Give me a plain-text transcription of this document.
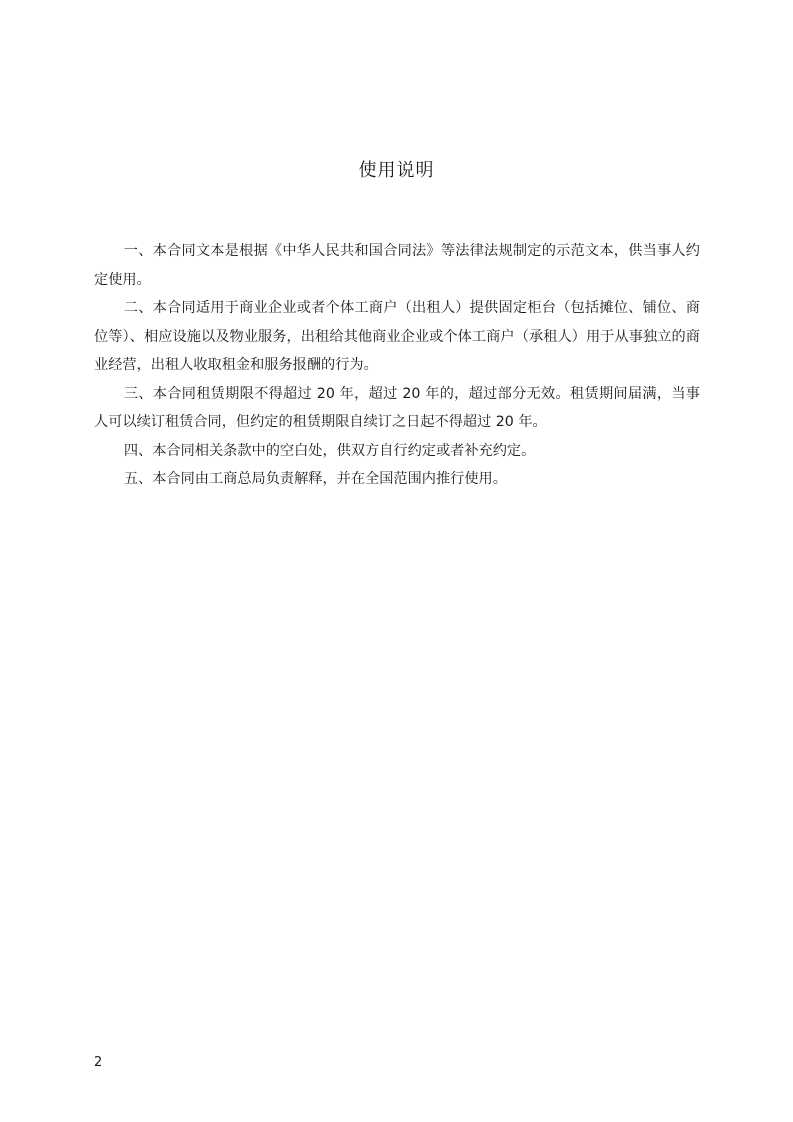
使用说明

一、本合同文本是根据《中华人民共和国合同法》等法律法规制定的示范文本，供当事人约定使用。

二、本合同适用于商业企业或者个体工商户（出租人）提供固定柜台（包括摊位、铺位、商位等）、相应设施以及物业服务，出租给其他商业企业或个体工商户（承租人）用于从事独立的商业经营，出租人收取租金和服务报酬的行为。

三、本合同租赁期限不得超过 20 年，超过 20 年的，超过部分无效。租赁期间届满，当事人可以续订租赁合同，但约定的租赁期限自续订之日起不得超过 20 年。

四、本合同相关条款中的空白处，供双方自行约定或者补充约定。

五、本合同由工商总局负责解释，并在全国范围内推行使用。

2
